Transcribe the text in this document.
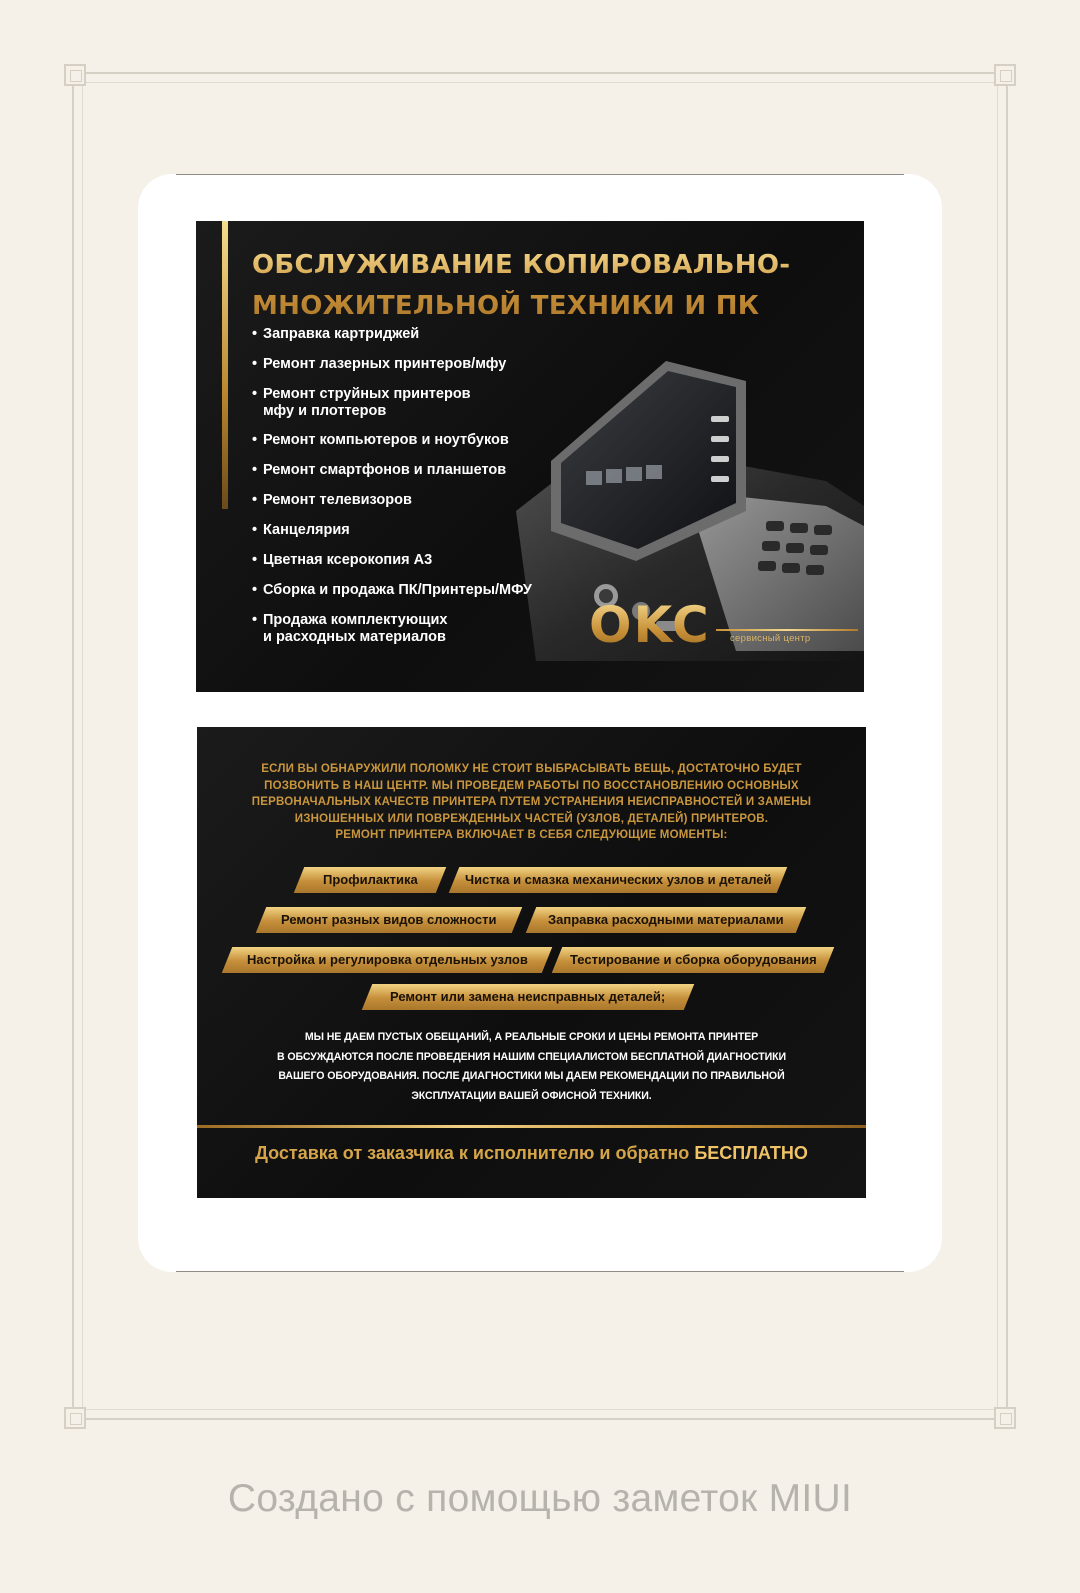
ОБСЛУЖИВАНИЕ КОПИРОВАЛЬНО-
МНОЖИТЕЛЬНОЙ ТЕХНИКИ И ПК
• Заправка картриджей
• Ремонт лазерных принтеров/мфу
• Ремонт струйных принтеров
мфу и плоттеров
• Ремонт компьютеров и ноутбуков
• Ремонт смартфонов и планшетов
• Ремонт телевизоров
• Канцелярия
• Цветная ксерокопия А3
• Сборка и продажа ПК/Принтеры/МФУ
• Продажа комплектующих
и расходных материалов	OKC сервисный центр
ЕСЛИ ВЫ ОБНАРУЖИЛИ ПОЛОМКУ НЕ СТОИТ ВЫБРАСЫВАТЬ ВЕЩЬ, ДОСТАТОЧНО БУДЕТ
ПОЗВОНИТЬ В НАШ ЦЕНТР. МЫ ПРОВЕДЕМ РАБОТЫ ПО ВОССТАНОВЛЕНИЮ ОСНОВНЫХ
ПЕРВОНАЧАЛЬНЫХ КАЧЕСТВ ПРИНТЕРА ПУТЕМ УСТРАНЕНИЯ НЕИСПРАВНОСТЕЙ И ЗАМЕНЫ
ИЗНОШЕННЫХ ИЛИ ПОВРЕЖДЕННЫХ ЧАСТЕЙ (УЗЛОВ, ДЕТАЛЕЙ) ПРИНТЕРОВ.
РЕМОНТ ПРИНТЕРА ВКЛЮЧАЕТ В СЕБЯ СЛЕДУЮЩИЕ МОМЕНТЫ:
Профилактика	Чистка и смазка механических узлов и деталей
Ремонт разных видов сложности	Заправка расходными материалами
Настройка и регулировка отдельных узлов	Тестирование и сборка оборудования
Ремонт или замена неисправных деталей;
МЫ НЕ ДАЕМ ПУСТЫХ ОБЕЩАНИЙ, А РЕАЛЬНЫЕ СРОКИ И ЦЕНЫ РЕМОНТА ПРИНТЕР
В ОБСУЖДАЮТСЯ ПОСЛЕ ПРОВЕДЕНИЯ НАШИМ СПЕЦИАЛИСТОМ БЕСПЛАТНОЙ ДИАГНОСТИКИ
ВАШЕГО ОБОРУДОВАНИЯ. ПОСЛЕ ДИАГНОСТИКИ МЫ ДАЕМ РЕКОМЕНДАЦИИ ПО ПРАВИЛЬНОЙ
ЭКСПЛУАТАЦИИ ВАШЕЙ ОФИСНОЙ ТЕХНИКИ.
Доставка от заказчика к исполнителю и обратно БЕСПЛАТНО
Создано с помощью заметок MIUI
